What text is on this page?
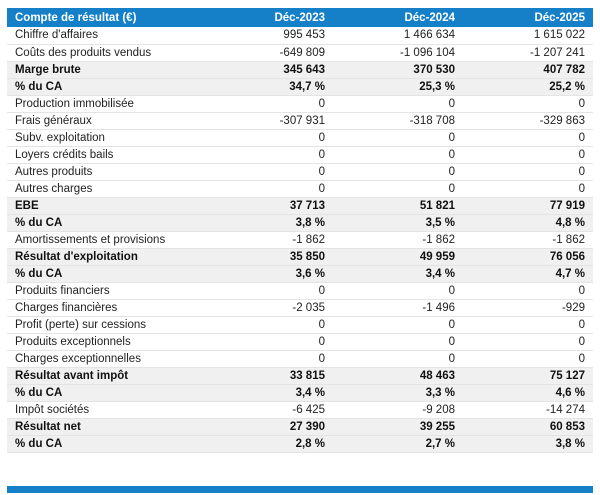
Compte de résultat (€)	Déc-2023	Déc-2024	Déc-2025
Chiffre d'affaires	995 453	1 466 634	1 615 022
Coûts des produits vendus	-649 809	-1 096 104	-1 207 241
Marge brute	345 643	370 530	407 782
% du CA	34,7 %	25,3 %	25,2 %
Production immobilisée	0	0	0
Frais généraux	-307 931	-318 708	-329 863
Subv. exploitation	0	0	0
Loyers crédits bails	0	0	0
Autres produits	0	0	0
Autres charges	0	0	0
EBE	37 713	51 821	77 919
% du CA	3,8 %	3,5 %	4,8 %
Amortissements et provisions	-1 862	-1 862	-1 862
Résultat d'exploitation	35 850	49 959	76 056
% du CA	3,6 %	3,4 %	4,7 %
Produits financiers	0	0	0
Charges financières	-2 035	-1 496	-929
Profit (perte) sur cessions	0	0	0
Produits exceptionnels	0	0	0
Charges exceptionnelles	0	0	0
Résultat avant impôt	33 815	48 463	75 127
% du CA	3,4 %	3,3 %	4,6 %
Impôt sociétés	-6 425	-9 208	-14 274
Résultat net	27 390	39 255	60 853
% du CA	2,8 %	2,7 %	3,8 %
